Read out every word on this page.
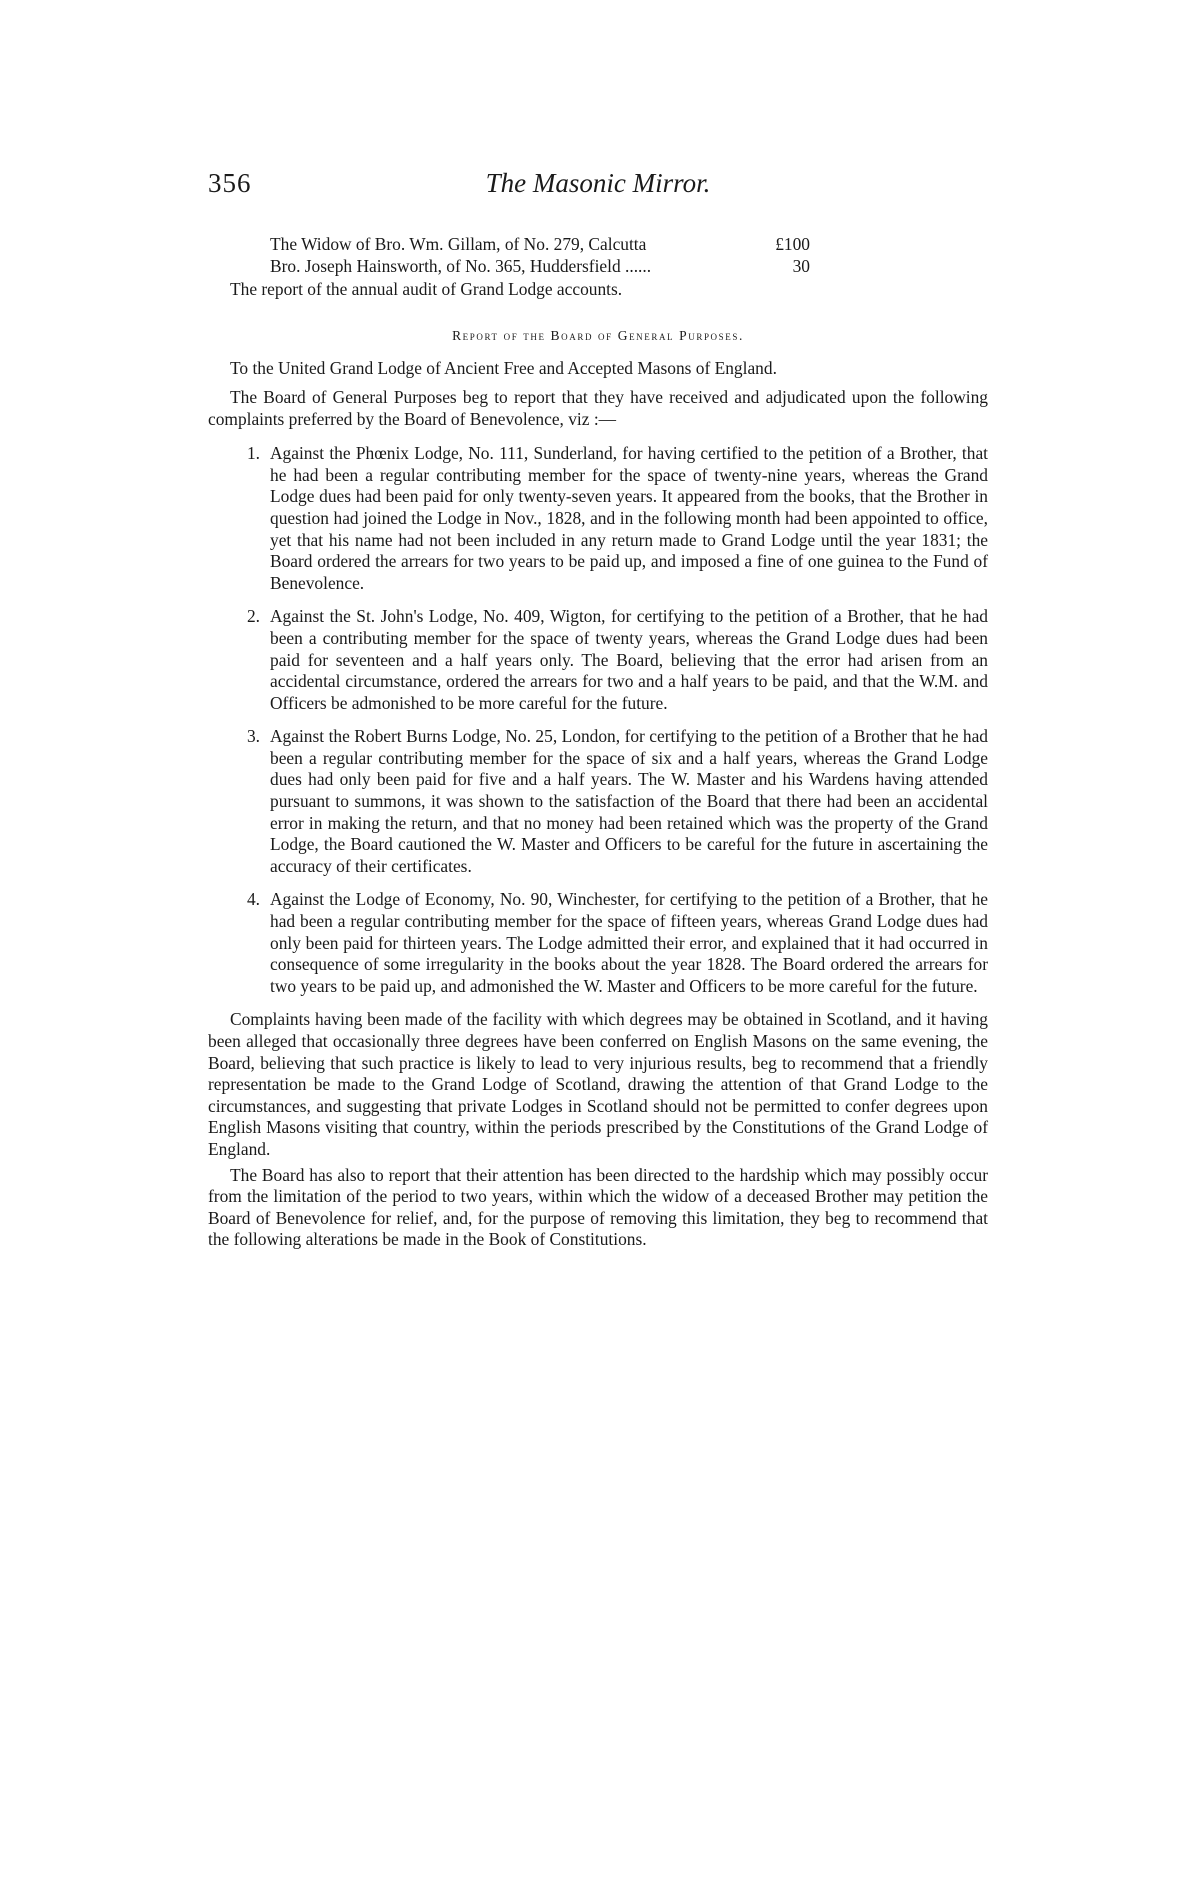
356	The Masonic Mirror.
The Widow of Bro. Wm. Gillam, of No. 279, Calcutta	£100
Bro. Joseph Hainsworth, of No. 365, Huddersfield ......	30

The report of the annual audit of Grand Lodge accounts.

Report of the Board of General Purposes.

To the United Grand Lodge of Ancient Free and Accepted Masons of England.

The Board of General Purposes beg to report that they have received and adjudicated upon the following complaints preferred by the Board of Benevolence, viz :—

1. Against the Phœnix Lodge, No. 111, Sunderland, for having certified to the petition of a Brother, that he had been a regular contributing member for the space of twenty-nine years, whereas the Grand Lodge dues had been paid for only twenty-seven years. It appeared from the books, that the Brother in question had joined the Lodge in Nov., 1828, and in the following month had been appointed to office, yet that his name had not been included in any return made to Grand Lodge until the year 1831; the Board ordered the arrears for two years to be paid up, and imposed a fine of one guinea to the Fund of Benevolence.
2. Against the St. John's Lodge, No. 409, Wigton, for certifying to the petition of a Brother, that he had been a contributing member for the space of twenty years, whereas the Grand Lodge dues had been paid for seventeen and a half years only. The Board, believing that the error had arisen from an accidental circumstance, ordered the arrears for two and a half years to be paid, and that the W.M. and Officers be admonished to be more careful for the future.
3. Against the Robert Burns Lodge, No. 25, London, for certifying to the petition of a Brother that he had been a regular contributing member for the space of six and a half years, whereas the Grand Lodge dues had only been paid for five and a half years. The W. Master and his Wardens having attended pursuant to summons, it was shown to the satisfaction of the Board that there had been an accidental error in making the return, and that no money had been retained which was the property of the Grand Lodge, the Board cautioned the W. Master and Officers to be careful for the future in ascertaining the accuracy of their certificates.
4. Against the Lodge of Economy, No. 90, Winchester, for certifying to the petition of a Brother, that he had been a regular contributing member for the space of fifteen years, whereas Grand Lodge dues had only been paid for thirteen years. The Lodge admitted their error, and explained that it had occurred in consequence of some irregularity in the books about the year 1828. The Board ordered the arrears for two years to be paid up, and admonished the W. Master and Officers to be more careful for the future.

Complaints having been made of the facility with which degrees may be obtained in Scotland, and it having been alleged that occasionally three degrees have been conferred on English Masons on the same evening, the Board, believing that such practice is likely to lead to very injurious results, beg to recommend that a friendly representation be made to the Grand Lodge of Scotland, drawing the attention of that Grand Lodge to the circumstances, and suggesting that private Lodges in Scotland should not be permitted to confer degrees upon English Masons visiting that country, within the periods prescribed by the Constitutions of the Grand Lodge of England.

The Board has also to report that their attention has been directed to the hardship which may possibly occur from the limitation of the period to two years, within which the widow of a deceased Brother may petition the Board of Benevolence for relief, and, for the purpose of removing this limitation, they beg to recommend that the following alterations be made in the Book of Constitutions.
